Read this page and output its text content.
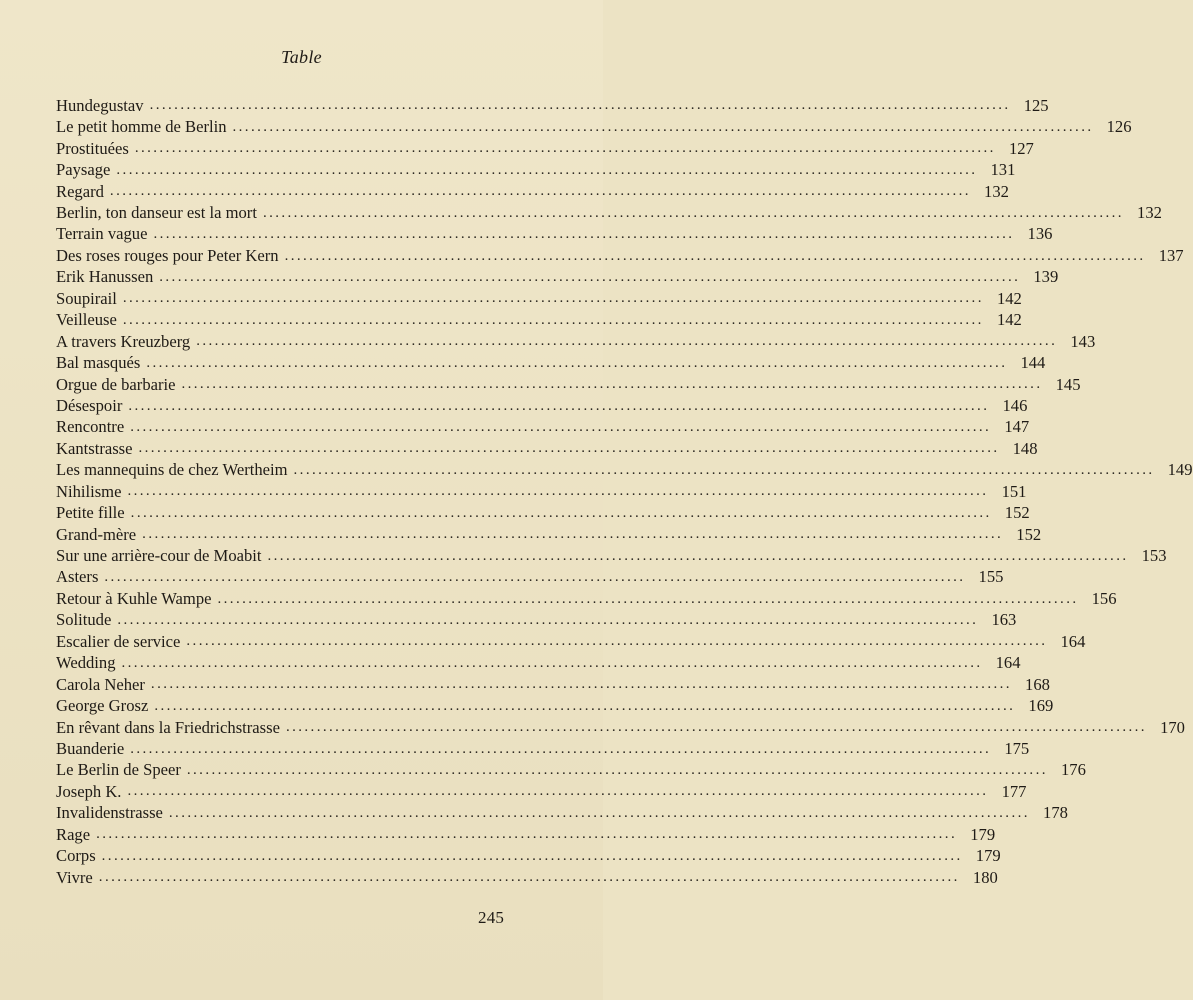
Table
Hundegustav ............................................................................................................................................ 125
Le petit homme de Berlin ............................................................................................................................................ 126
Prostituées ............................................................................................................................................ 127
Paysage ............................................................................................................................................ 131
Regard ............................................................................................................................................ 132
Berlin, ton danseur est la mort ............................................................................................................................................ 132
Terrain vague ............................................................................................................................................ 136
Des roses rouges pour Peter Kern ............................................................................................................................................ 137
Erik Hanussen ............................................................................................................................................ 139
Soupirail ............................................................................................................................................ 142
Veilleuse ............................................................................................................................................ 142
A travers Kreuzberg ............................................................................................................................................ 143
Bal masqués ............................................................................................................................................ 144
Orgue de barbarie ............................................................................................................................................ 145
Désespoir ............................................................................................................................................ 146
Rencontre ............................................................................................................................................ 147
Kantstrasse ............................................................................................................................................ 148
Les mannequins de chez Wertheim ............................................................................................................................................ 149
Nihilisme ............................................................................................................................................ 151
Petite fille ............................................................................................................................................ 152
Grand-mère ............................................................................................................................................ 152
Sur une arrière-cour de Moabit ............................................................................................................................................ 153
Asters ............................................................................................................................................ 155
Retour à Kuhle Wampe ............................................................................................................................................ 156
Solitude ............................................................................................................................................ 163
Escalier de service ............................................................................................................................................ 164
Wedding ............................................................................................................................................ 164
Carola Neher ............................................................................................................................................ 168
George Grosz ............................................................................................................................................ 169
En rêvant dans la Friedrichstrasse ............................................................................................................................................ 170
Buanderie ............................................................................................................................................ 175
Le Berlin de Speer ............................................................................................................................................ 176
Joseph K. ............................................................................................................................................ 177
Invalidenstrasse ............................................................................................................................................ 178
Rage ............................................................................................................................................ 179
Corps ............................................................................................................................................ 179
Vivre ............................................................................................................................................ 180
245
